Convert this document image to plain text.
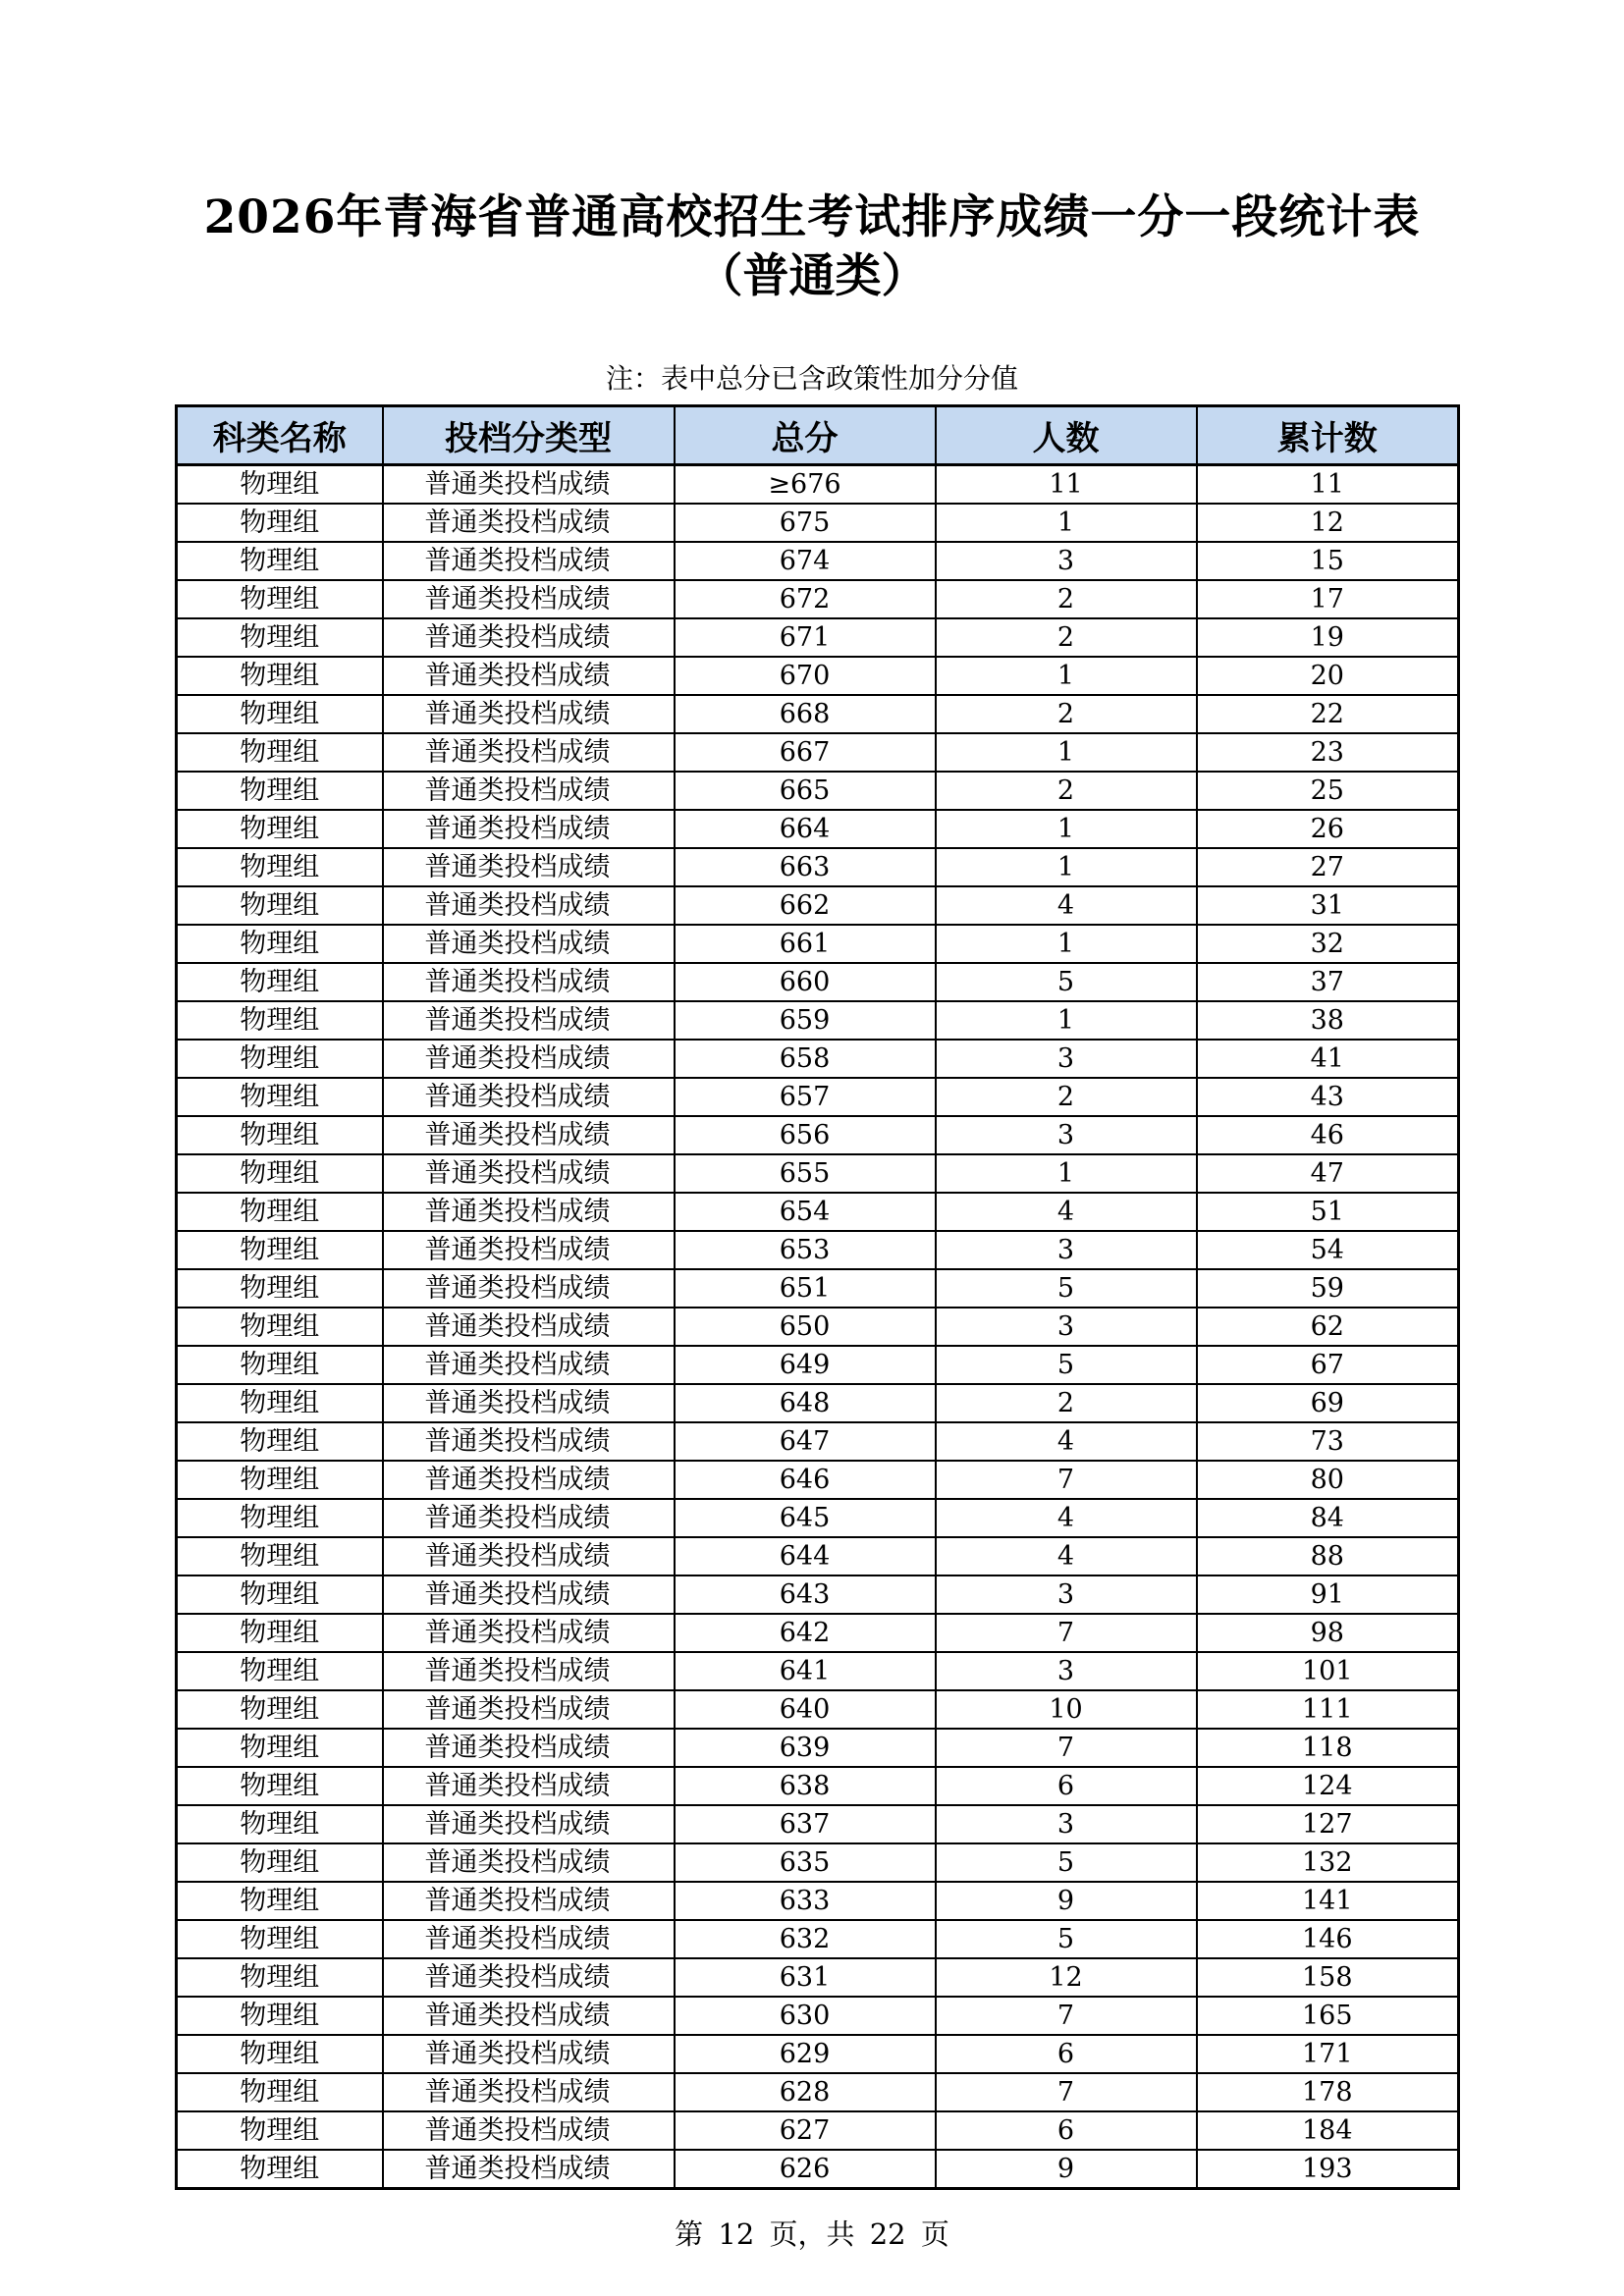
2026年青海省普通高校招生考试排序成绩一分一段统计表
（普通类）
注：表中总分已含政策性加分分值
科类名称	投档分类型	总分	人数	累计数
物理组	普通类投档成绩	≥676	11	11
物理组	普通类投档成绩	675	1	12
物理组	普通类投档成绩	674	3	15
物理组	普通类投档成绩	672	2	17
物理组	普通类投档成绩	671	2	19
物理组	普通类投档成绩	670	1	20
物理组	普通类投档成绩	668	2	22
物理组	普通类投档成绩	667	1	23
物理组	普通类投档成绩	665	2	25
物理组	普通类投档成绩	664	1	26
物理组	普通类投档成绩	663	1	27
物理组	普通类投档成绩	662	4	31
物理组	普通类投档成绩	661	1	32
物理组	普通类投档成绩	660	5	37
物理组	普通类投档成绩	659	1	38
物理组	普通类投档成绩	658	3	41
物理组	普通类投档成绩	657	2	43
物理组	普通类投档成绩	656	3	46
物理组	普通类投档成绩	655	1	47
物理组	普通类投档成绩	654	4	51
物理组	普通类投档成绩	653	3	54
物理组	普通类投档成绩	651	5	59
物理组	普通类投档成绩	650	3	62
物理组	普通类投档成绩	649	5	67
物理组	普通类投档成绩	648	2	69
物理组	普通类投档成绩	647	4	73
物理组	普通类投档成绩	646	7	80
物理组	普通类投档成绩	645	4	84
物理组	普通类投档成绩	644	4	88
物理组	普通类投档成绩	643	3	91
物理组	普通类投档成绩	642	7	98
物理组	普通类投档成绩	641	3	101
物理组	普通类投档成绩	640	10	111
物理组	普通类投档成绩	639	7	118
物理组	普通类投档成绩	638	6	124
物理组	普通类投档成绩	637	3	127
物理组	普通类投档成绩	635	5	132
物理组	普通类投档成绩	633	9	141
物理组	普通类投档成绩	632	5	146
物理组	普通类投档成绩	631	12	158
物理组	普通类投档成绩	630	7	165
物理组	普通类投档成绩	629	6	171
物理组	普通类投档成绩	628	7	178
物理组	普通类投档成绩	627	6	184
物理组	普通类投档成绩	626	9	193
第 12 页，共 22 页
